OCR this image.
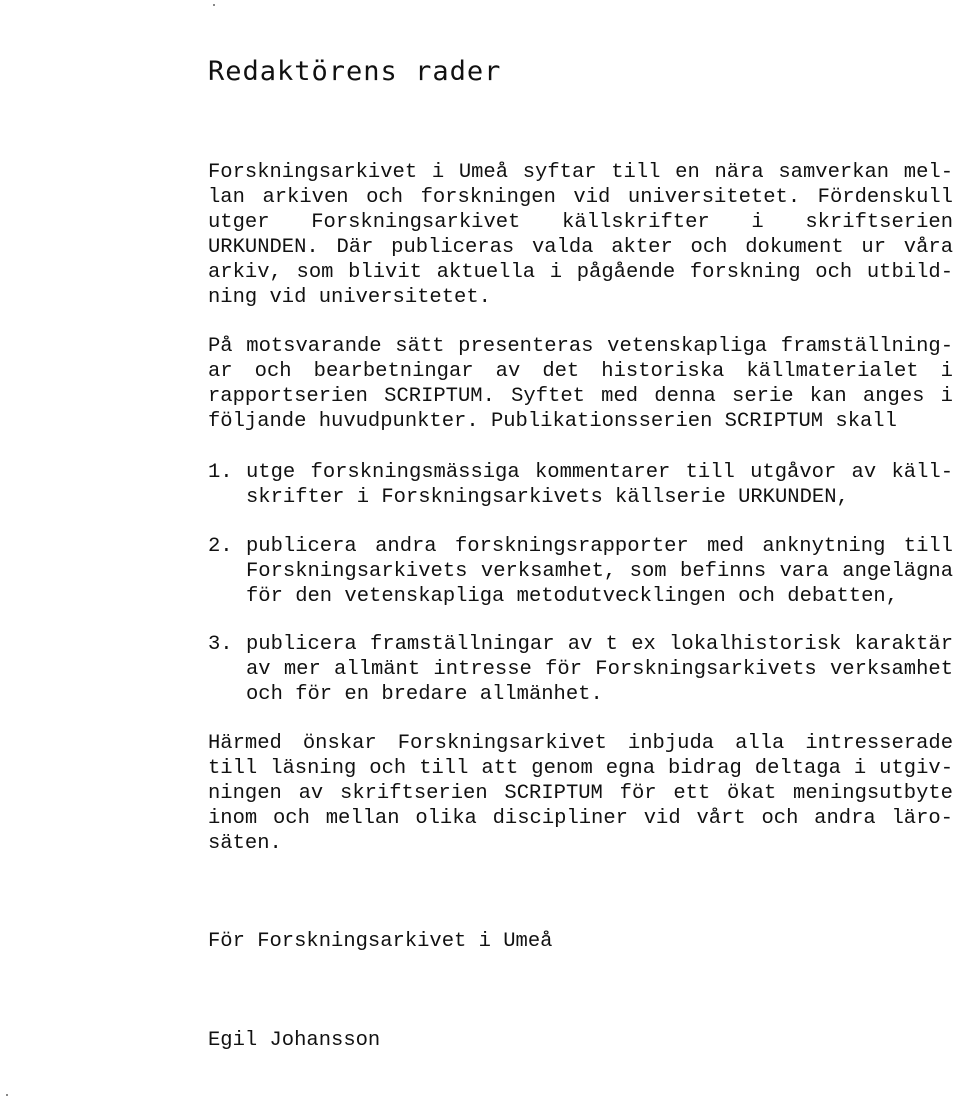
Redaktörens rader
Forskningsarkivet i Umeå syftar till en nära samverkan mel-
lan arkiven och forskningen vid universitetet. Fördenskull
utger Forskningsarkivet källskrifter i skriftserien
URKUNDEN. Där publiceras valda akter och dokument ur våra
arkiv, som blivit aktuella i pågående forskning och utbild-
ning vid universitetet.
På motsvarande sätt presenteras vetenskapliga framställning-
ar och bearbetningar av det historiska källmaterialet i
rapportserien SCRIPTUM. Syftet med denna serie kan anges i
följande huvudpunkter. Publikationsserien SCRIPTUM skall
1. utge forskningsmässiga kommentarer till utgåvor av käll-
skrifter i Forskningsarkivets källserie URKUNDEN,
2. publicera andra forskningsrapporter med anknytning till
Forskningsarkivets verksamhet, som befinns vara angelägna
för den vetenskapliga metodutvecklingen och debatten,
3. publicera framställningar av t ex lokalhistorisk karaktär
av mer allmänt intresse för Forskningsarkivets verksamhet
och för en bredare allmänhet.
Härmed önskar Forskningsarkivet inbjuda alla intresserade
till läsning och till att genom egna bidrag deltaga i utgiv-
ningen av skriftserien SCRIPTUM för ett ökat meningsutbyte
inom och mellan olika discipliner vid vårt och andra läro-
säten.
För Forskningsarkivet i Umeå
Egil Johansson
